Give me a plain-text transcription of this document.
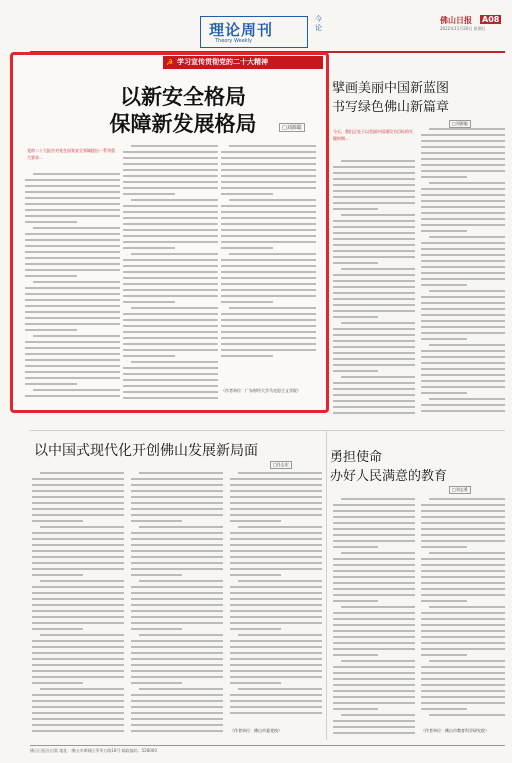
理论周刊
Theory Weekly
今论
佛山日报 A08
2022年11月20日 星期日
☭ 学习宣传贯彻党的二十大精神
以新安全格局
保障新发展格局	□刘源聪
党的二十大报告对党在国家安全领域提出一系列重大要求...
（作者单位：广东财经大学马克思主义学院）
擘画美丽中国新蓝图
书写绿色佛山新篇章
□刘源聪
今天，我们正处于以美丽中国建设为目标的关键时期...
以中国式现代化开创佛山发展新局面
□任志宏
（作者单位：佛山市委党校）
勇担使命
办好人民满意的教育
□刘志勇
（作者单位：佛山市教育科学研究院）
佛山日报社出版 地址：佛山市禅城区季华五路18号 邮政编码：528000
